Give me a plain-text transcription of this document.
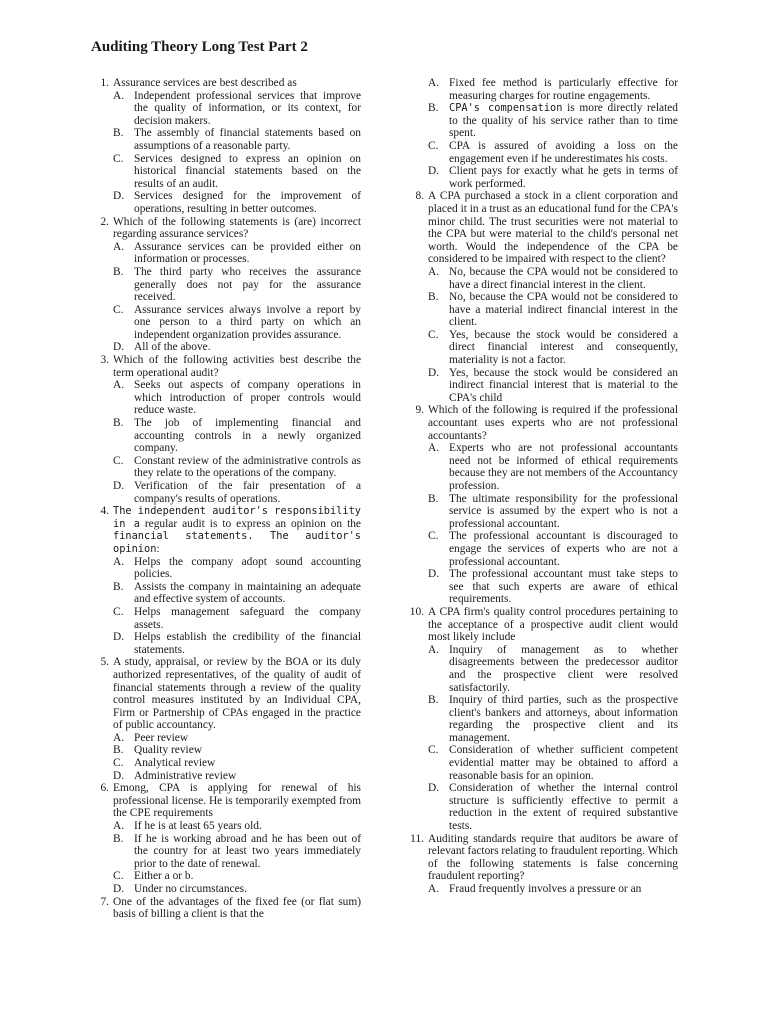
Auditing Theory Long Test Part 2
1. Assurance services are best described as
A. Independent professional services that improve the quality of information, or its context, for decision makers.
B. The assembly of financial statements based on assumptions of a reasonable party.
C. Services designed to express an opinion on historical financial statements based on the results of an audit.
D. Services designed for the improvement of operations, resulting in better outcomes.
2. Which of the following statements is (are) incorrect regarding assurance services?
A. Assurance services can be provided either on information or processes.
B. The third party who receives the assurance generally does not pay for the assurance received.
C. Assurance services always involve a report by one person to a third party on which an independent organization provides assurance.
D. All of the above.
3. Which of the following activities best describe the term operational audit?
A. Seeks out aspects of company operations in which introduction of proper controls would reduce waste.
B. The job of implementing financial and accounting controls in a newly organized company.
C. Constant review of the administrative controls as they relate to the operations of the company.
D. Verification of the fair presentation of a company's results of operations.
4. The independent auditor's responsibility in a regular audit is to express an opinion on the financial statements. The auditor's opinion:
A. Helps the company adopt sound accounting policies.
B. Assists the company in maintaining an adequate and effective system of accounts.
C. Helps management safeguard the company assets.
D. Helps establish the credibility of the financial statements.
5. A study, appraisal, or review by the BOA or its duly authorized representatives, of the quality of audit of financial statements through a review of the quality control measures instituted by an Individual CPA, Firm or Partnership of CPAs engaged in the practice of public accountancy.
A. Peer review
B. Quality review
C. Analytical review
D. Administrative review
6. Emong, CPA is applying for renewal of his professional license. He is temporarily exempted from the CPE requirements
A. If he is at least 65 years old.
B. If he is working abroad and he has been out of the country for at least two years immediately prior to the date of renewal.
C. Either a or b.
D. Under no circumstances.
7. One of the advantages of the fixed fee (or flat sum) basis of billing a client is that the
A. Fixed fee method is particularly effective for measuring charges for routine engagements.
B. CPA's compensation is more directly related to the quality of his service rather than to time spent.
C. CPA is assured of avoiding a loss on the engagement even if he underestimates his costs.
D. Client pays for exactly what he gets in terms of work performed.
8. A CPA purchased a stock in a client corporation and placed it in a trust as an educational fund for the CPA's minor child. The trust securities were not material to the CPA but were material to the child's personal net worth. Would the independence of the CPA be considered to be impaired with respect to the client?
A. No, because the CPA would not be considered to have a direct financial interest in the client.
B. No, because the CPA would not be considered to have a material indirect financial interest in the client.
C. Yes, because the stock would be considered a direct financial interest and consequently, materiality is not a factor.
D. Yes, because the stock would be considered an indirect financial interest that is material to the CPA's child
9. Which of the following is required if the professional accountant uses experts who are not professional accountants?
A. Experts who are not professional accountants need not be informed of ethical requirements because they are not members of the Accountancy profession.
B. The ultimate responsibility for the professional service is assumed by the expert who is not a professional accountant.
C. The professional accountant is discouraged to engage the services of experts who are not a professional accountant.
D. The professional accountant must take steps to see that such experts are aware of ethical requirements.
10. A CPA firm's quality control procedures pertaining to the acceptance of a prospective audit client would most likely include
A. Inquiry of management as to whether disagreements between the predecessor auditor and the prospective client were resolved satisfactorily.
B. Inquiry of third parties, such as the prospective client's bankers and attorneys, about information regarding the prospective client and its management.
C. Consideration of whether sufficient competent evidential matter may be obtained to afford a reasonable basis for an opinion.
D. Consideration of whether the internal control structure is sufficiently effective to permit a reduction in the extent of required substantive tests.
11. Auditing standards require that auditors be aware of relevant factors relating to fraudulent reporting. Which of the following statements is false concerning fraudulent reporting?
A. Fraud frequently involves a pressure or an
